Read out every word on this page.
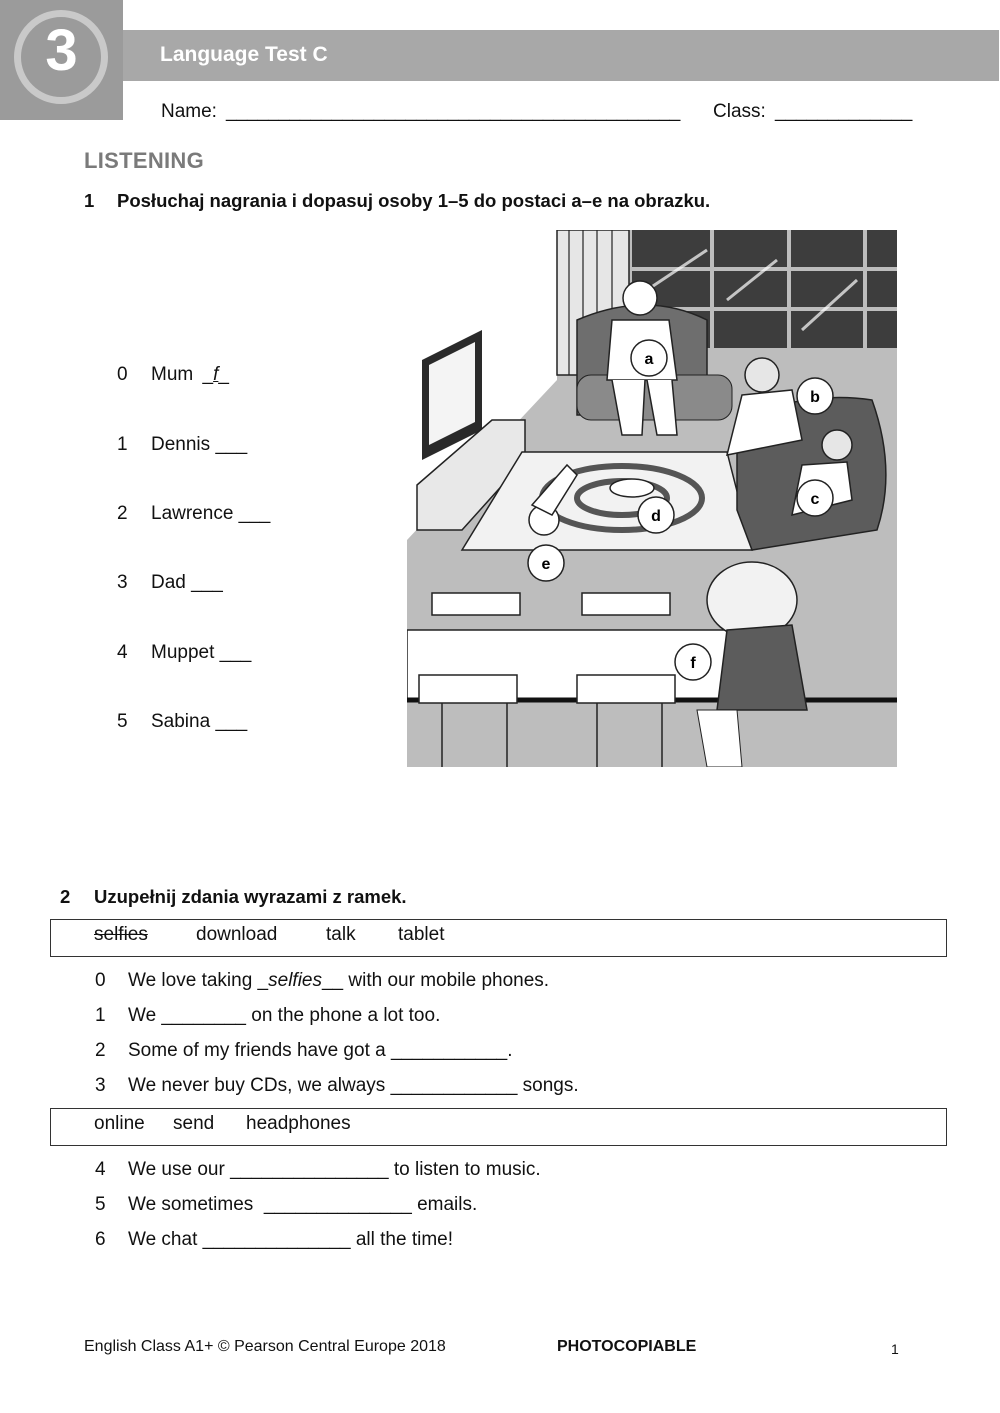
3	Language Test C
Name: ___________________________________________ Class: _____________
LISTENING
1 Posłuchaj nagrania i dopasuj osoby 1–5 do postaci a–e na obrazku.
0 Mum _f_
1 Dennis ___
2 Lawrence ___
3 Dad ___
4 Muppet ___
5 Sabina ___
a
b
c
d
e
f
2 Uzupełnij zdania wyrazami z ramek.
selfies	download	talk tablet
0 We love taking _selfies__ with our mobile phones.
1 We ________ on the phone a lot too.
2 Some of my friends have got a ___________.
3 We never buy CDs, we always ____________ songs.
online send headphones
4 We use our _______________ to listen to music.
5 We sometimes  ______________ emails.
6 We chat ______________ all the time!
English Class A1+ © Pearson Central Europe 2018	PHOTOCOPIABLE	1
